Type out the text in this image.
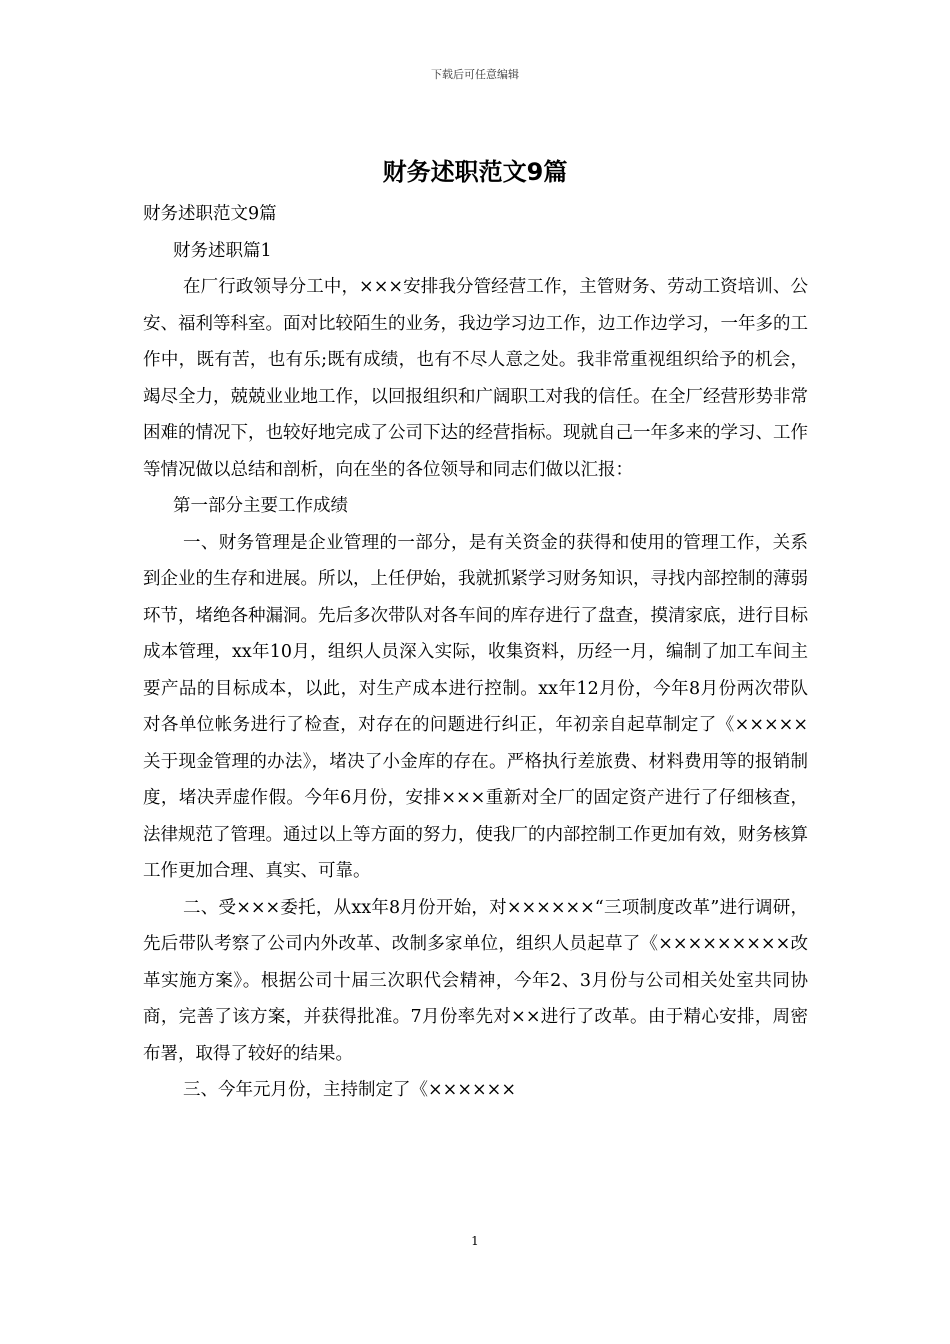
下载后可任意编辑
财务述职范文9篇

财务述职范文9篇

财务述职篇1

在厂行政领导分工中，×××安排我分管经营工作，主管财务、劳动工资培训、公安、福利等科室。面对比较陌生的业务，我边学习边工作，边工作边学习，一年多的工作中，既有苦，也有乐;既有成绩，也有不尽人意之处。我非常重视组织给予的机会，竭尽全力，兢兢业业地工作，以回报组织和广阔职工对我的信任。在全厂经营形势非常困难的情况下，也较好地完成了公司下达的经营指标。现就自己一年多来的学习、工作等情况做以总结和剖析，向在坐的各位领导和同志们做以汇报：

第一部分主要工作成绩

一、财务管理是企业管理的一部分，是有关资金的获得和使用的管理工作，关系到企业的生存和进展。所以，上任伊始，我就抓紧学习财务知识，寻找内部控制的薄弱环节，堵绝各种漏洞。先后多次带队对各车间的库存进行了盘查，摸清家底，进行目标成本管理，xx年10月，组织人员深入实际，收集资料，历经一月，编制了加工车间主要产品的目标成本，以此，对生产成本进行控制。xx年12月份，今年8月份两次带队对各单位帐务进行了检查，对存在的问题进行纠正，年初亲自起草制定了《×××××关于现金管理的办法》，堵决了小金库的存在。严格执行差旅费、材料费用等的报销制度，堵决弄虚作假。今年6月份，安排×××重新对全厂的固定资产进行了仔细核查，法律规范了管理。通过以上等方面的努力，使我厂的内部控制工作更加有效，财务核算工作更加合理、真实、可靠。

二、受×××委托，从xx年8月份开始，对××××××“三项制度改革”进行调研，先后带队考察了公司内外改革、改制多家单位，组织人员起草了《×××××××××改革实施方案》。根据公司十届三次职代会精神，今年2、3月份与公司相关处室共同协商，完善了该方案，并获得批准。7月份率先对××进行了改革。由于精心安排，周密布署，取得了较好的结果。

三、今年元月份，主持制定了《××××××

1
